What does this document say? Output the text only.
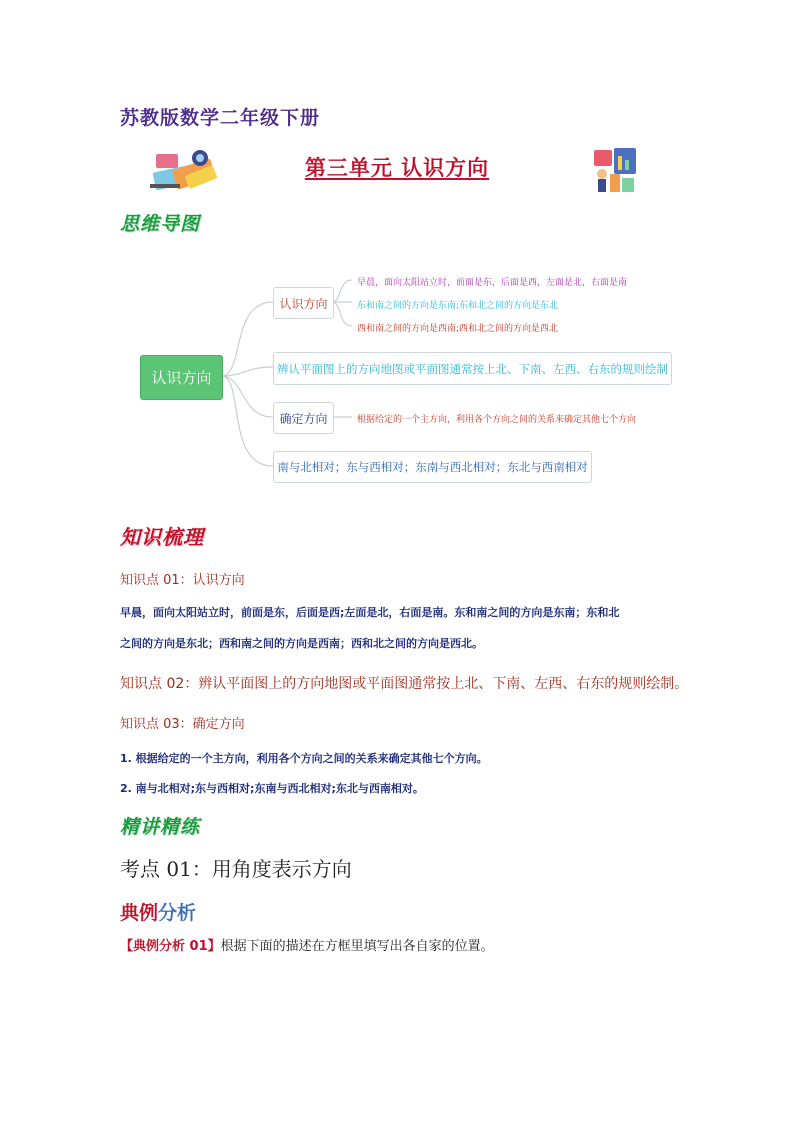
苏教版数学二年级下册
第三单元 认识方向
思维导图
认识方向
认识方向
辨认平面图上的方向地图或平面图通常按上北、下南、左西、右东的规则绘制
确定方向
南与北相对；东与西相对；东南与西北相对；东北与西南相对
早晨，面向太阳站立时，前面是东，后面是西，左面是北，右面是南
东和南之间的方向是东南;东和北之间的方向是东北
西和南之间的方向是西南;西和北之间的方向是西北
根据给定的一个主方向，利用各个方向之间的关系来确定其他七个方向
知识梳理
知识点 01：认识方向
早晨，面向太阳站立时，前面是东，后面是西;左面是北，右面是南。东和南之间的方向是东南；东和北
之间的方向是东北；西和南之间的方向是西南；西和北之间的方向是西北。
知识点 02：辨认平面图上的方向地图或平面图通常按上北、下南、左西、右东的规则绘制。
知识点 03：确定方向
1. 根据给定的一个主方向，利用各个方向之间的关系来确定其他七个方向。
2. 南与北相对;东与西相对;东南与西北相对;东北与西南相对。
精讲精练
考点 01：用角度表示方向
典例分析
【典例分析 01】根据下面的描述在方框里填写出各自家的位置。
